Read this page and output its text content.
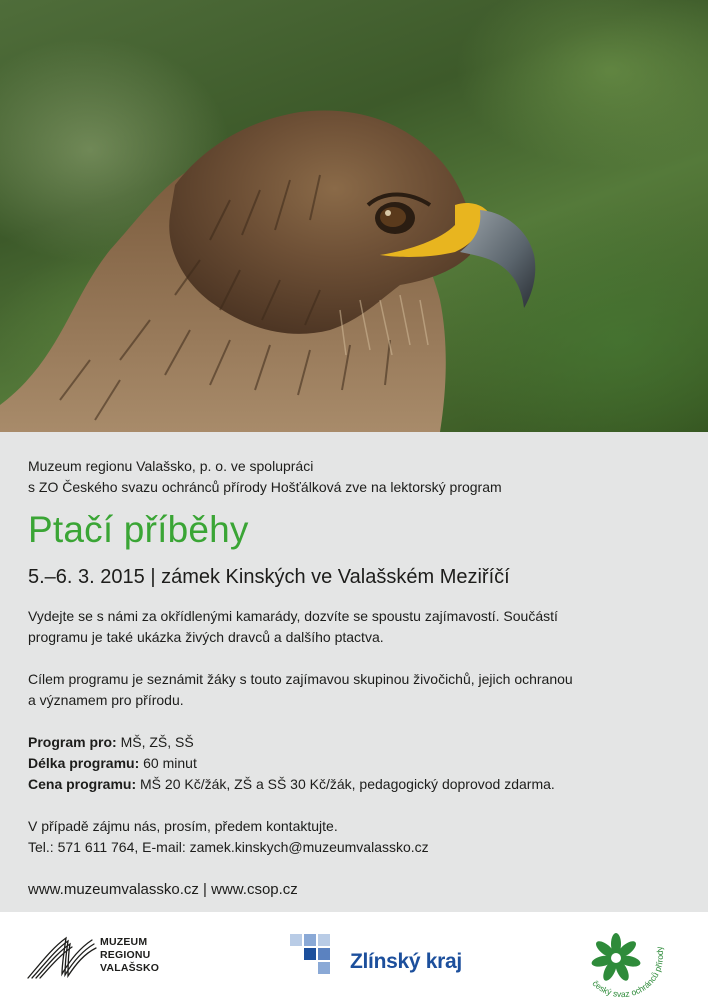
Muzeum regionu Valašsko, p. o. ve spolupráci
s ZO Českého svazu ochránců přírody Hošťálková zve na lektorský program
Ptačí příběhy
5.–6. 3. 2015 | zámek Kinských ve Valašském Meziříčí
Vydejte se s námi za okřídlenými kamarády, dozvíte se spoustu zajímavostí. Součástí
programu je také ukázka živých dravců a dalšího ptactva.
Cílem programu je seznámit žáky s touto zajímavou skupinou živočichů, jejich ochranou
a významem pro přírodu.
Program pro: MŠ, ZŠ, SŠ
Délka programu: 60 minut
Cena programu: MŠ 20 Kč/žák, ZŠ a SŠ 30 Kč/žák, pedagogický doprovod zdarma.
V případě zájmu nás, prosím, předem kontaktujte.
Tel.: 571 611 764, E-mail: zamek.kinskych@muzeumvalassko.cz
www.muzeumvalassko.cz | www.csop.cz
MUZEUM
REGIONU
VALAŠSKO	Zlínský kraj
český svaz ochránců přírody
